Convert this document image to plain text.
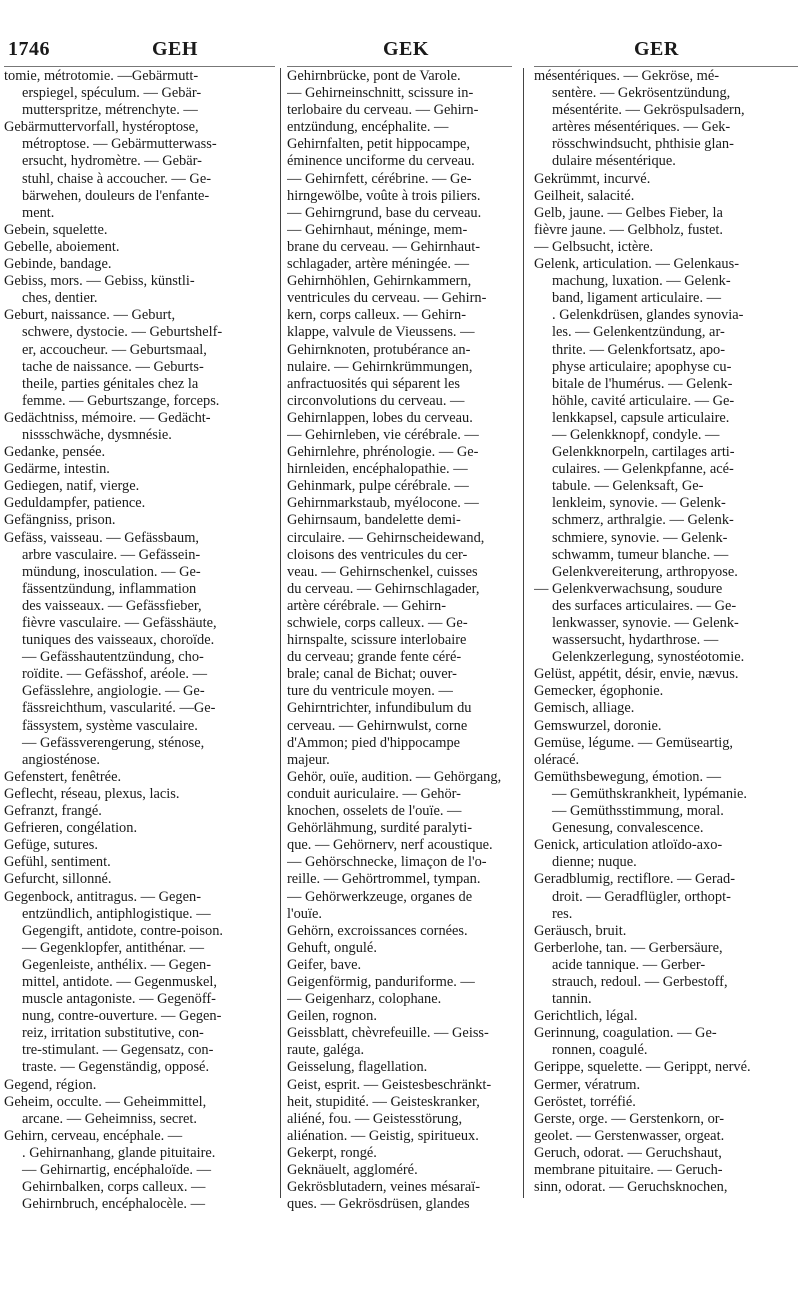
1746	GEH	GEK	GER
tomie, métrotomie. —Gebärmutt-
erspiegel, spéculum. — Gebär-
mutterspritze, métrenchyte. —
Gebärmuttervorfall, hystéroptose,
métroptose. — Gebärmutterwass-
ersucht, hydromètre. — Gebär-
stuhl, chaise à accoucher. — Ge-
bärwehen, douleurs de l'enfante-
ment.
Gebein, squelette.
Gebelle, aboiement.
Gebinde, bandage.
Gebiss, mors. — Gebiss, künstli-
ches, dentier.
Geburt, naissance. — Geburt,
schwere, dystocie. — Geburtshelf-
er, accoucheur. — Geburtsmaal,
tache de naissance. — Geburts-
theile, parties génitales chez la
femme. — Geburtszange, forceps.
Gedächtniss, mémoire. — Gedächt-
nissschwäche, dysmnésie.
Gedanke, pensée.
Gedärme, intestin.
Gediegen, natif, vierge.
Geduldampfer, patience.
Gefängniss, prison.
Gefäss, vaisseau. — Gefässbaum,
arbre vasculaire. — Gefässein-
mündung, inosculation. — Ge-
fässentzündung, inflammation
des vaisseaux. — Gefässfieber,
fièvre vasculaire. — Gefässhäute,
tuniques des vaisseaux, choroïde.
— Gefässhautentzündung, cho-
roïdite. — Gefässhof, aréole. —
Gefässlehre, angiologie. — Ge-
fässreichthum, vascularité. —Ge-
fässystem, système vasculaire.
— Gefässverengerung, sténose,
angiosténose.
Gefenstert, fenêtrée.
Geflecht, réseau, plexus, lacis.
Gefranzt, frangé.
Gefrieren, congélation.
Gefüge, sutures.
Gefühl, sentiment.
Gefurcht, sillonné.
Gegenbock, antitragus. — Gegen-
entzündlich, antiphlogistique. —
Gegengift, antidote, contre-poison.
— Gegenklopfer, antithénar. —
Gegenleiste, anthélix. — Gegen-
mittel, antidote. — Gegenmuskel,
muscle antagoniste. — Gegenöff-
nung, contre-ouverture. — Gegen-
reiz, irritation substitutive, con-
tre-stimulant. — Gegensatz, con-
traste. — Gegenständig, opposé.
Gegend, région.
Geheim, occulte. — Geheimmittel,
arcane. — Geheimniss, secret.
Gehirn, cerveau, encéphale. —
. Gehirnanhang, glande pituitaire.
— Gehirnartig, encéphaloïde. —
Gehirnbalken, corps calleux. —
Gehirnbruch, encéphalocèle. —
Gehirnbrücke, pont de Varole.
— Gehirneinschnitt, scissure in-
terlobaire du cerveau. — Gehirn-
entzündung, encéphalite. —
Gehirnfalten, petit hippocampe,
éminence unciforme du cerveau.
— Gehirnfett, cérébrine. — Ge-
hirngewölbe, voûte à trois piliers.
— Gehirngrund, base du cerveau.
— Gehirnhaut, méninge, mem-
brane du cerveau. — Gehirnhaut-
schlagader, artère méningée. —
Gehirnhöhlen, Gehirnkammern,
ventricules du cerveau. — Gehirn-
kern, corps calleux. — Gehirn-
klappe, valvule de Vieussens. —
Gehirnknoten, protubérance an-
nulaire. — Gehirnkrümmungen,
anfractuosités qui séparent les
circonvolutions du cerveau. —
Gehirnlappen, lobes du cerveau.
— Gehirnleben, vie cérébrale. —
Gehirnlehre, phrénologie. — Ge-
hirnleiden, encéphalopathie. —
Gehinmark, pulpe cérébrale. —
Gehirnmarkstaub, myélocone. —
Gehirnsaum, bandelette demi-
circulaire. — Gehirnscheidewand,
cloisons des ventricules du cer-
veau. — Gehirnschenkel, cuisses
du cerveau. — Gehirnschlagader,
artère cérébrale. — Gehirn-
schwiele, corps calleux. — Ge-
hirnspalte, scissure interlobaire
du cerveau; grande fente céré-
brale; canal de Bichat; ouver-
ture du ventricule moyen. —
Gehirntrichter, infundibulum du
cerveau. — Gehirnwulst, corne
d'Ammon; pied d'hippocampe
majeur.
Gehör, ouïe, audition. — Gehörgang,
conduit auriculaire. — Gehör-
knochen, osselets de l'ouïe. —
Gehörlähmung, surdité paralyti-
que. — Gehörnerv, nerf acoustique.
— Gehörschnecke, limaçon de l'o-
reille. — Gehörtrommel, tympan.
— Gehörwerkzeuge, organes de
l'ouïe.
Gehörn, excroissances cornées.
Gehuft, ongulé.
Geifer, bave.
Geigenförmig, panduriforme. —
— Geigenharz, colophane.
Geilen, rognon.
Geissblatt, chèvrefeuille. — Geiss-
raute, galéga.
Geisselung, flagellation.
Geist, esprit. — Geistesbeschränkt-
heit, stupidité. — Geisteskranker,
aliéné, fou. — Geistesstörung,
aliénation. — Geistig, spiritueux.
Gekerpt, rongé.
Geknäuelt, aggloméré.
Gekrösblutadern, veines mésaraï-
ques. — Gekrösdrüsen, glandes
mésentériques. — Gekröse, mé-
sentère. — Gekrösentzündung,
mésentérite. — Gekröspulsadern,
artères mésentériques. — Gek-
rösschwindsucht, phthisie glan-
dulaire mésentérique.
Gekrümmt, incurvé.
Geilheit, salacité.
Gelb, jaune. — Gelbes Fieber, la
fièvre jaune. — Gelbholz, fustet.
— Gelbsucht, ictère.
Gelenk, articulation. — Gelenkaus-
machung, luxation. — Gelenk-
band, ligament articulaire. —
. Gelenkdrüsen, glandes synovia-
les. — Gelenkentzündung, ar-
thrite. — Gelenkfortsatz, apo-
physe articulaire; apophyse cu-
bitale de l'humérus. — Gelenk-
höhle, cavité articulaire. — Ge-
lenkkapsel, capsule articulaire.
— Gelenkknopf, condyle. —
Gelenkknorpeln, cartilages arti-
culaires. — Gelenkpfanne, acé-
tabule. — Gelenksaft, Ge-
lenkleim, synovie. — Gelenk-
schmerz, arthralgie. — Gelenk-
schmiere, synovie. — Gelenk-
schwamm, tumeur blanche. —
Gelenkvereiterung, arthropyose.
— Gelenkverwachsung, soudure
des surfaces articulaires. — Ge-
lenkwasser, synovie. — Gelenk-
wassersucht, hydarthrose. —
Gelenkzerlegung, synostéotomie.
Gelüst, appétit, désir, envie, nævus.
Gemecker, égophonie.
Gemisch, alliage.
Gemswurzel, doronie.
Gemüse, légume. — Gemüseartig,
oléracé.
Gemüthsbewegung, émotion. —
— Gemüthskrankheit, lypémanie.
— Gemüthsstimmung, moral.
Genesung, convalescence.
Genick, articulation atloïdo-axo-
dienne; nuque.
Geradblumig, rectiflore. — Gerad-
droit. — Geradflügler, orthopt-
res.
Geräusch, bruit.
Gerberlohe, tan. — Gerbersäure,
acide tannique. — Gerber-
strauch, redoul. — Gerbestoff,
tannin.
Gerichtlich, légal.
Gerinnung, coagulation. — Ge-
ronnen, coagulé.
Gerippe, squelette. — Gerippt, nervé.
Germer, vératrum.
Geröstet, torréfié.
Gerste, orge. — Gerstenkorn, or-
geolet. — Gerstenwasser, orgeat.
Geruch, odorat. — Geruchshaut,
membrane pituitaire. — Geruch-
sinn, odorat. — Geruchsknochen,
